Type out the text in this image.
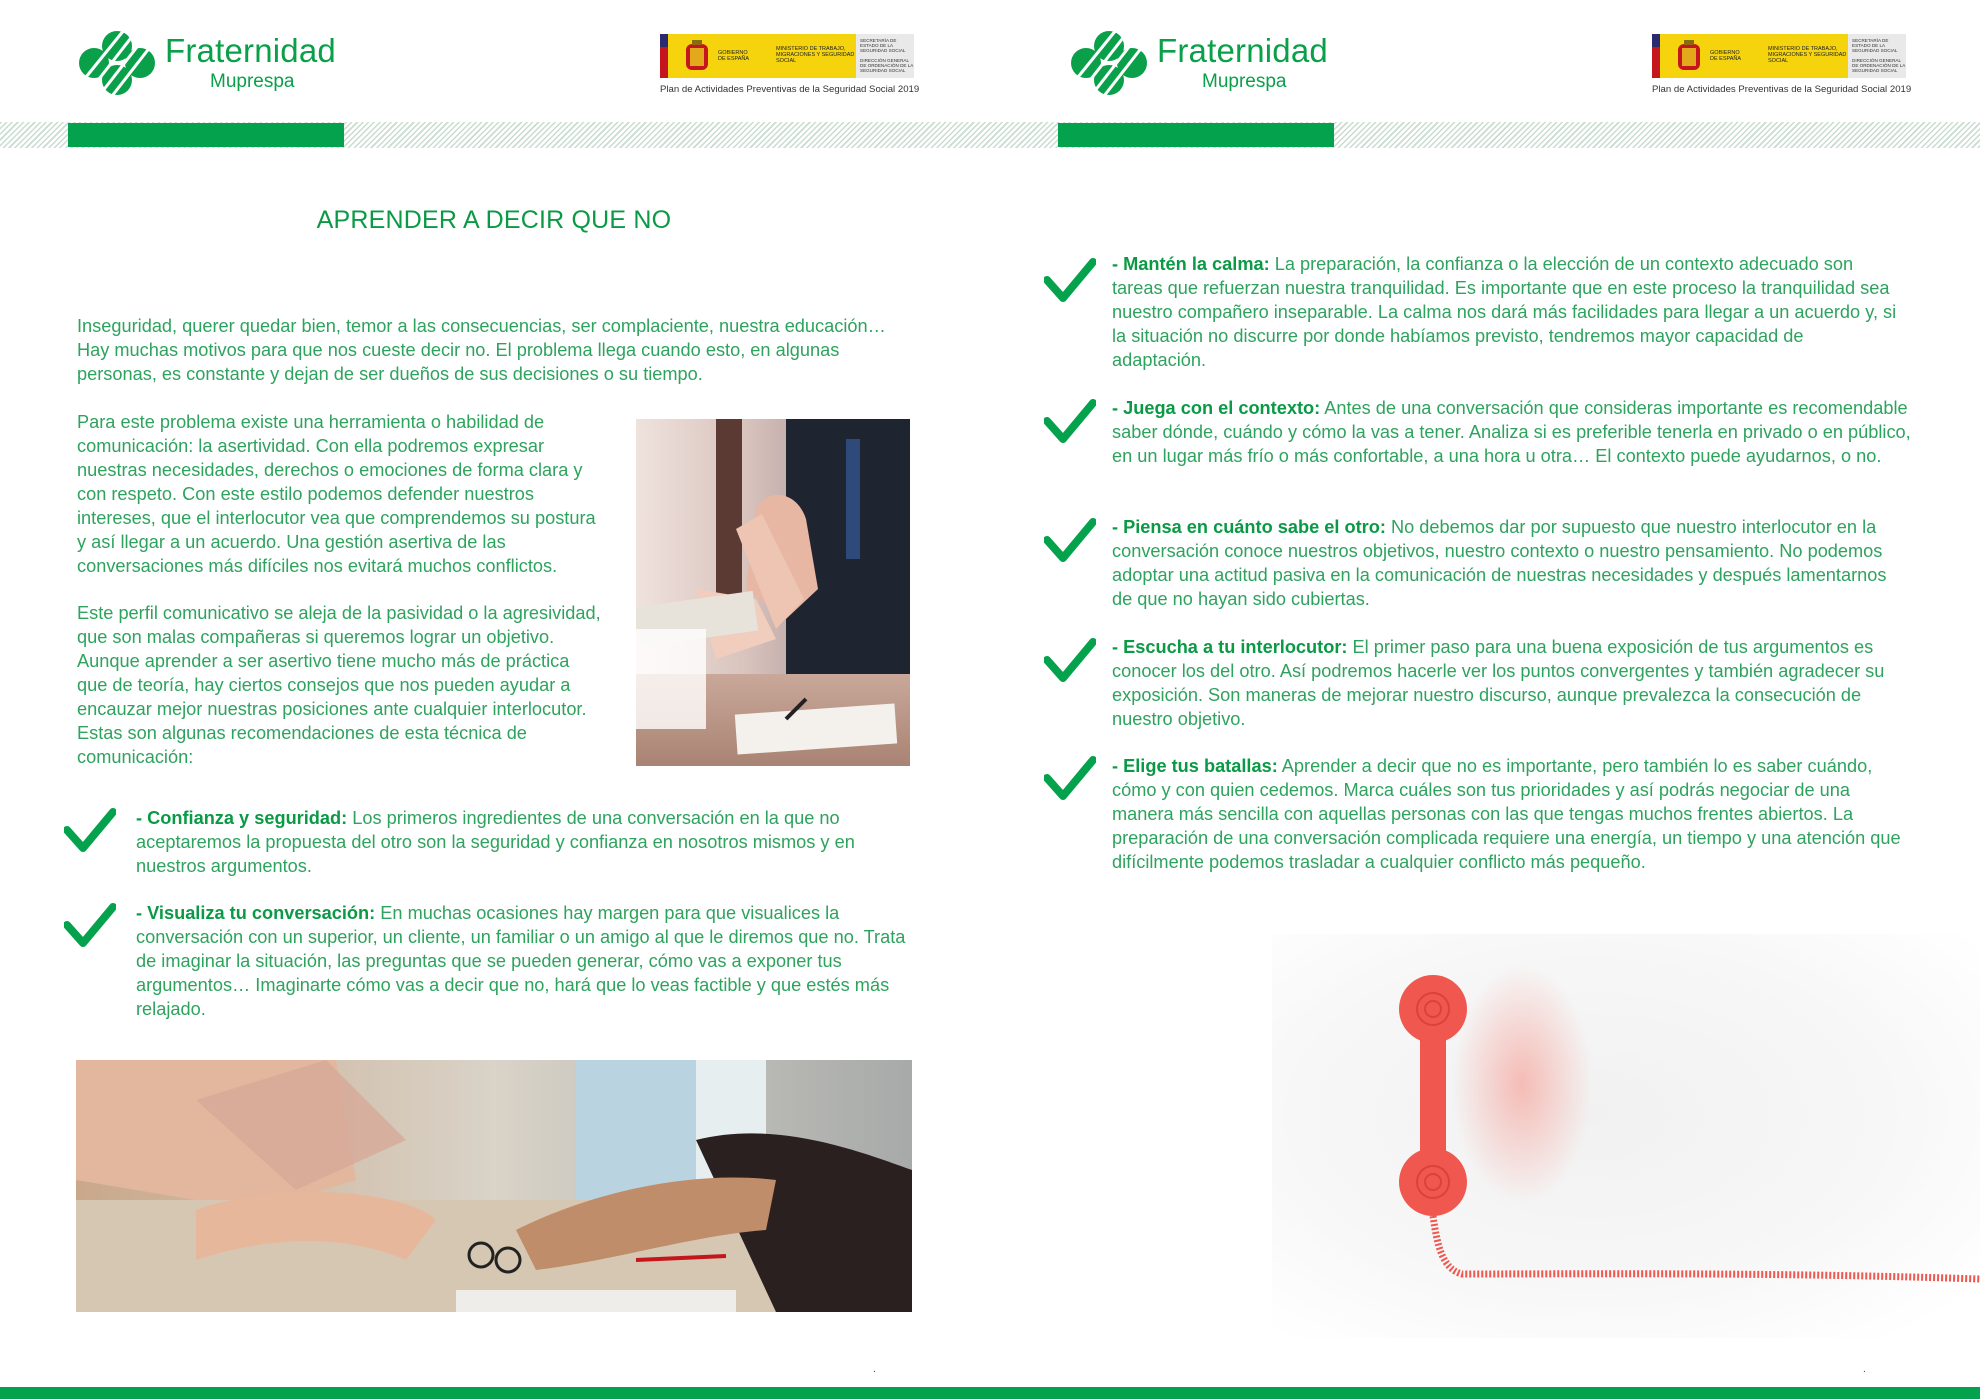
Fraternidad
Muprespa
GOBIERNO DE ESPAÑA
MINISTERIO DE TRABAJO, MIGRACIONES Y SEGURIDAD SOCIAL
SECRETARÍA DE ESTADO DE LA SEGURIDAD SOCIAL
DIRECCIÓN GENERAL DE ORDENACIÓN DE LA SEGURIDAD SOCIAL
Plan de Actividades Preventivas de la Seguridad Social 2019
APRENDER A DECIR QUE NO

Inseguridad, querer quedar bien, temor a las consecuencias, ser complaciente, nuestra educación… Hay muchas motivos para que nos cueste decir no. El problema llega cuando esto, en algunas personas, es constante y dejan de ser dueños de sus decisiones o su tiempo.

Para este problema existe una herramienta o habilidad de comunicación: la asertividad. Con ella podremos expresar nuestras necesidades, derechos o emociones de forma clara y con respeto. Con este estilo podemos defender nuestros intereses, que el interlocutor vea que comprendemos su postura y así llegar a un acuerdo. Una gestión asertiva de las conversaciones más difíciles nos evitará muchos conflictos.

Este perfil comunicativo se aleja de la pasividad o la agresividad, que son malas compañeras si queremos lograr un objetivo. Aunque aprender a ser asertivo tiene mucho más de práctica que de teoría, hay ciertos consejos que nos pueden ayudar a encauzar mejor nuestras posiciones ante cualquier interlocutor. Estas son algunas recomendaciones de esta técnica de comunicación:

- Confianza y seguridad: Los primeros ingredientes de una conversación en la que no aceptaremos la propuesta del otro son la seguridad y confianza en nosotros mismos y en nuestros argumentos.

- Visualiza tu conversación: En muchas ocasiones hay margen para que visualices la conversación con un superior, un cliente, un familiar o un amigo al que le diremos que no. Trata de imaginar la situación, las preguntas que se pueden generar, cómo vas a exponer tus argumentos… Imaginarte cómo vas a decir que no, hará que lo veas factible y que estés más relajado.

.
Fraternidad
Muprespa
GOBIERNO DE ESPAÑA
MINISTERIO DE TRABAJO, MIGRACIONES Y SEGURIDAD SOCIAL
SECRETARÍA DE ESTADO DE LA SEGURIDAD SOCIAL
DIRECCIÓN GENERAL DE ORDENACIÓN DE LA SEGURIDAD SOCIAL
Plan de Actividades Preventivas de la Seguridad Social 2019

- Mantén la calma: La preparación, la confianza o la elección de un contexto adecuado son tareas que refuerzan nuestra tranquilidad. Es importante que en este proceso la tranquilidad sea nuestro compañero inseparable. La calma nos dará más facilidades para llegar a un acuerdo y, si la situación no discurre por donde habíamos previsto, tendremos mayor capacidad de adaptación.

- Juega con el contexto: Antes de una conversación que consideras importante es recomendable saber dónde, cuándo y cómo la vas a tener. Analiza si es preferible tenerla en privado o en público, en un lugar más frío o más confortable, a una hora u otra… El contexto puede ayudarnos, o no.

- Piensa en cuánto sabe el otro: No debemos dar por supuesto que nuestro interlocutor en la conversación conoce nuestros objetivos, nuestro contexto o nuestro pensamiento. No podemos adoptar una actitud pasiva en la comunicación de nuestras necesidades y después lamentarnos de que no hayan sido cubiertas.

- Escucha a tu interlocutor: El primer paso para una buena exposición de tus argumentos es conocer los del otro. Así podremos hacerle ver los puntos convergentes y también agradecer su exposición. Son maneras de mejorar nuestro discurso, aunque prevalezca la consecución de nuestro objetivo.

- Elige tus batallas: Aprender a decir que no es importante, pero también lo es saber cuándo, cómo y con quien cedemos. Marca cuáles son tus prioridades y así podrás negociar de una manera más sencilla con aquellas personas con las que tengas muchos frentes abiertos. La preparación de una conversación complicada requiere una energía, un tiempo y una atención que difícilmente podemos trasladar a cualquier conflicto más pequeño.

.
